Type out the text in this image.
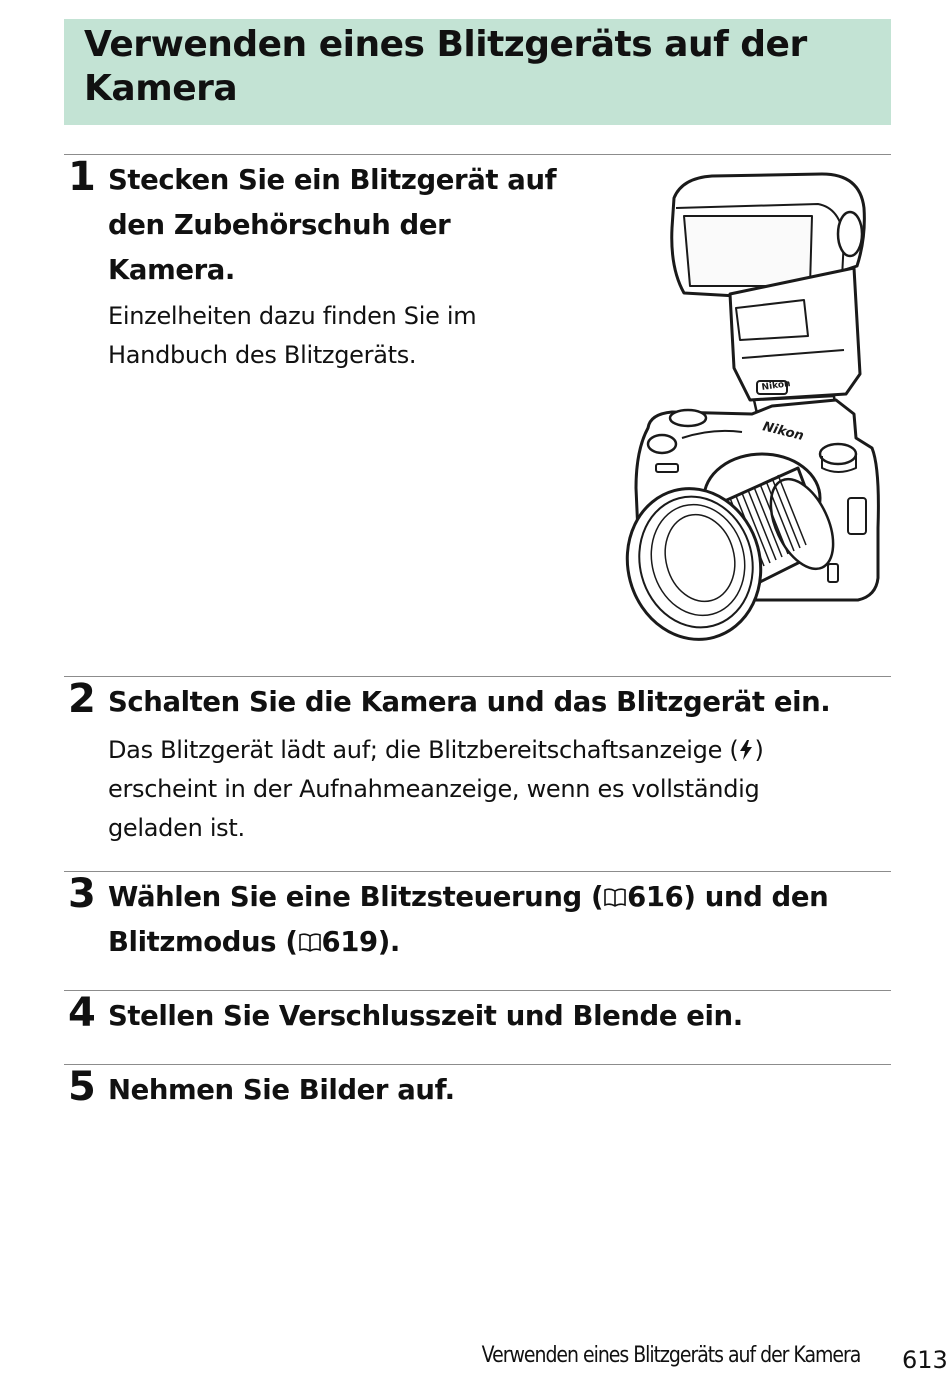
Verwenden eines Blitzgeräts auf der Kamera
1 Stecken Sie ein Blitzgerät auf
den Zubehörschuh der
Kamera.
Einzelheiten dazu finden Sie im
Handbuch des Blitzgeräts.
Nikon
Nikon
2 Schalten Sie die Kamera und das Blitzgerät ein.
Das Blitzgerät lädt auf; die Blitzbereitschaftsanzeige ( )
erscheint in der Aufnahmeanzeige, wenn es vollständig
geladen ist.
3 Wählen Sie eine Blitzsteuerung ( 616) und den
Blitzmodus ( 619).
4 Stellen Sie Verschlusszeit und Blende ein.
5 Nehmen Sie Bilder auf.
Verwenden eines Blitzgeräts auf der Kamera 613
